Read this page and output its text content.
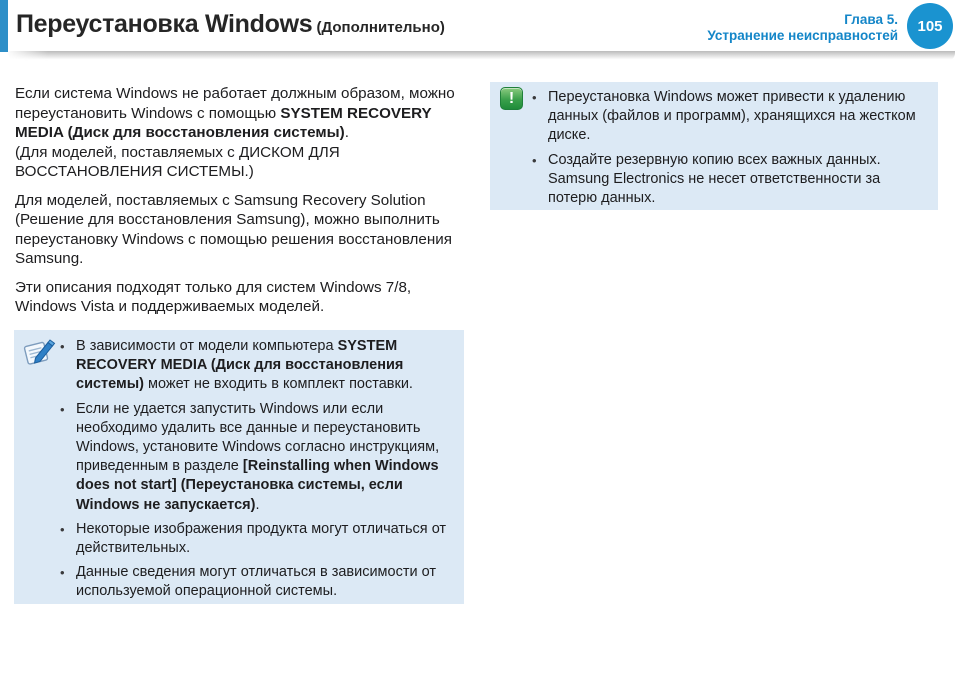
Переустановка Windows (Дополнительно)	Глава 5.
Устранение неисправностей
105

Если система Windows не работает должным образом, можно переустановить Windows с помощью SYSTEM RECOVERY MEDIA (Диск для восстановления системы).

(Для моделей, поставляемых с ДИСКОМ ДЛЯ ВОССТАНОВЛЕНИЯ СИСТЕМЫ.)

Для моделей, поставляемых с Samsung Recovery Solution (Решение для восстановления Samsung), можно выполнить переустановку Windows с помощью решения восстановления Samsung.

Эти описания подходят только для систем Windows 7/8, Windows Vista и поддерживаемых моделей.

• В зависимости от модели компьютера SYSTEM RECOVERY MEDIA (Диск для восстановления системы) может не входить в комплект поставки.
• Если не удается запустить Windows или если необходимо удалить все данные и переустановить Windows, установите Windows согласно инструкциям, приведенным в разделе [Reinstalling when Windows does not start] (Переустановка системы, если Windows не запускается).
• Некоторые изображения продукта могут отличаться от действительных.
• Данные сведения могут отличаться в зависимости от используемой операционной системы.
! • Переустановка Windows может привести к удалению данных (файлов и программ), хранящихся на жестком диске.
• Создайте резервную копию всех важных данных. Samsung Electronics не несет ответственности за потерю данных.
